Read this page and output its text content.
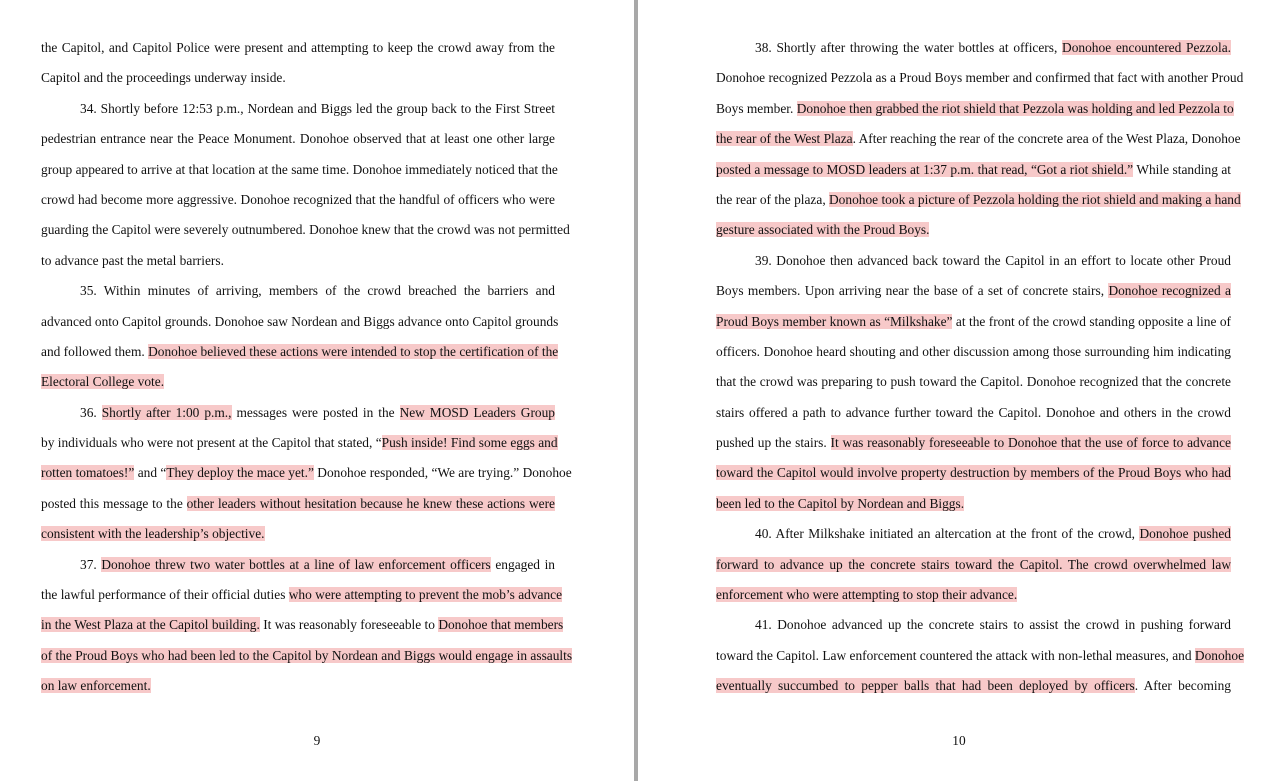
the Capitol, and Capitol Police were present and attempting to keep the crowd away from the
Capitol and the proceedings underway inside.
34. Shortly before 12:53 p.m., Nordean and Biggs led the group back to the First Street
pedestrian entrance near the Peace Monument. Donohoe observed that at least one other large
group appeared to arrive at that location at the same time. Donohoe immediately noticed that the
crowd had become more aggressive. Donohoe recognized that the handful of officers who were
guarding the Capitol were severely outnumbered. Donohoe knew that the crowd was not permitted
to advance past the metal barriers.
35. Within minutes of arriving, members of the crowd breached the barriers and
advanced onto Capitol grounds. Donohoe saw Nordean and Biggs advance onto Capitol grounds
and followed them. Donohoe believed these actions were intended to stop the certification of the
Electoral College vote.
36. Shortly after 1:00 p.m., messages were posted in the New MOSD Leaders Group
by individuals who were not present at the Capitol that stated, “Push inside! Find some eggs and
rotten tomatoes!” and “They deploy the mace yet.” Donohoe responded, “We are trying.” Donohoe
posted this message to the other leaders without hesitation because he knew these actions were
consistent with the leadership’s objective.
37. Donohoe threw two water bottles at a line of law enforcement officers engaged in
the lawful performance of their official duties who were attempting to prevent the mob’s advance
in the West Plaza at the Capitol building. It was reasonably foreseeable to Donohoe that members
of the Proud Boys who had been led to the Capitol by Nordean and Biggs would engage in assaults
on law enforcement.
9
38. Shortly after throwing the water bottles at officers, Donohoe encountered Pezzola.
Donohoe recognized Pezzola as a Proud Boys member and confirmed that fact with another Proud
Boys member. Donohoe then grabbed the riot shield that Pezzola was holding and led Pezzola to
the rear of the West Plaza. After reaching the rear of the concrete area of the West Plaza, Donohoe
posted a message to MOSD leaders at 1:37 p.m. that read, “Got a riot shield.” While standing at
the rear of the plaza, Donohoe took a picture of Pezzola holding the riot shield and making a hand
gesture associated with the Proud Boys.
39. Donohoe then advanced back toward the Capitol in an effort to locate other Proud
Boys members. Upon arriving near the base of a set of concrete stairs, Donohoe recognized a
Proud Boys member known as “Milkshake” at the front of the crowd standing opposite a line of
officers. Donohoe heard shouting and other discussion among those surrounding him indicating
that the crowd was preparing to push toward the Capitol. Donohoe recognized that the concrete
stairs offered a path to advance further toward the Capitol. Donohoe and others in the crowd
pushed up the stairs. It was reasonably foreseeable to Donohoe that the use of force to advance
toward the Capitol would involve property destruction by members of the Proud Boys who had
been led to the Capitol by Nordean and Biggs.
40. After Milkshake initiated an altercation at the front of the crowd, Donohoe pushed
forward to advance up the concrete stairs toward the Capitol. The crowd overwhelmed law
enforcement who were attempting to stop their advance.
41. Donohoe advanced up the concrete stairs to assist the crowd in pushing forward
toward the Capitol. Law enforcement countered the attack with non-lethal measures, and Donohoe
eventually succumbed to pepper balls that had been deployed by officers. After becoming
10
